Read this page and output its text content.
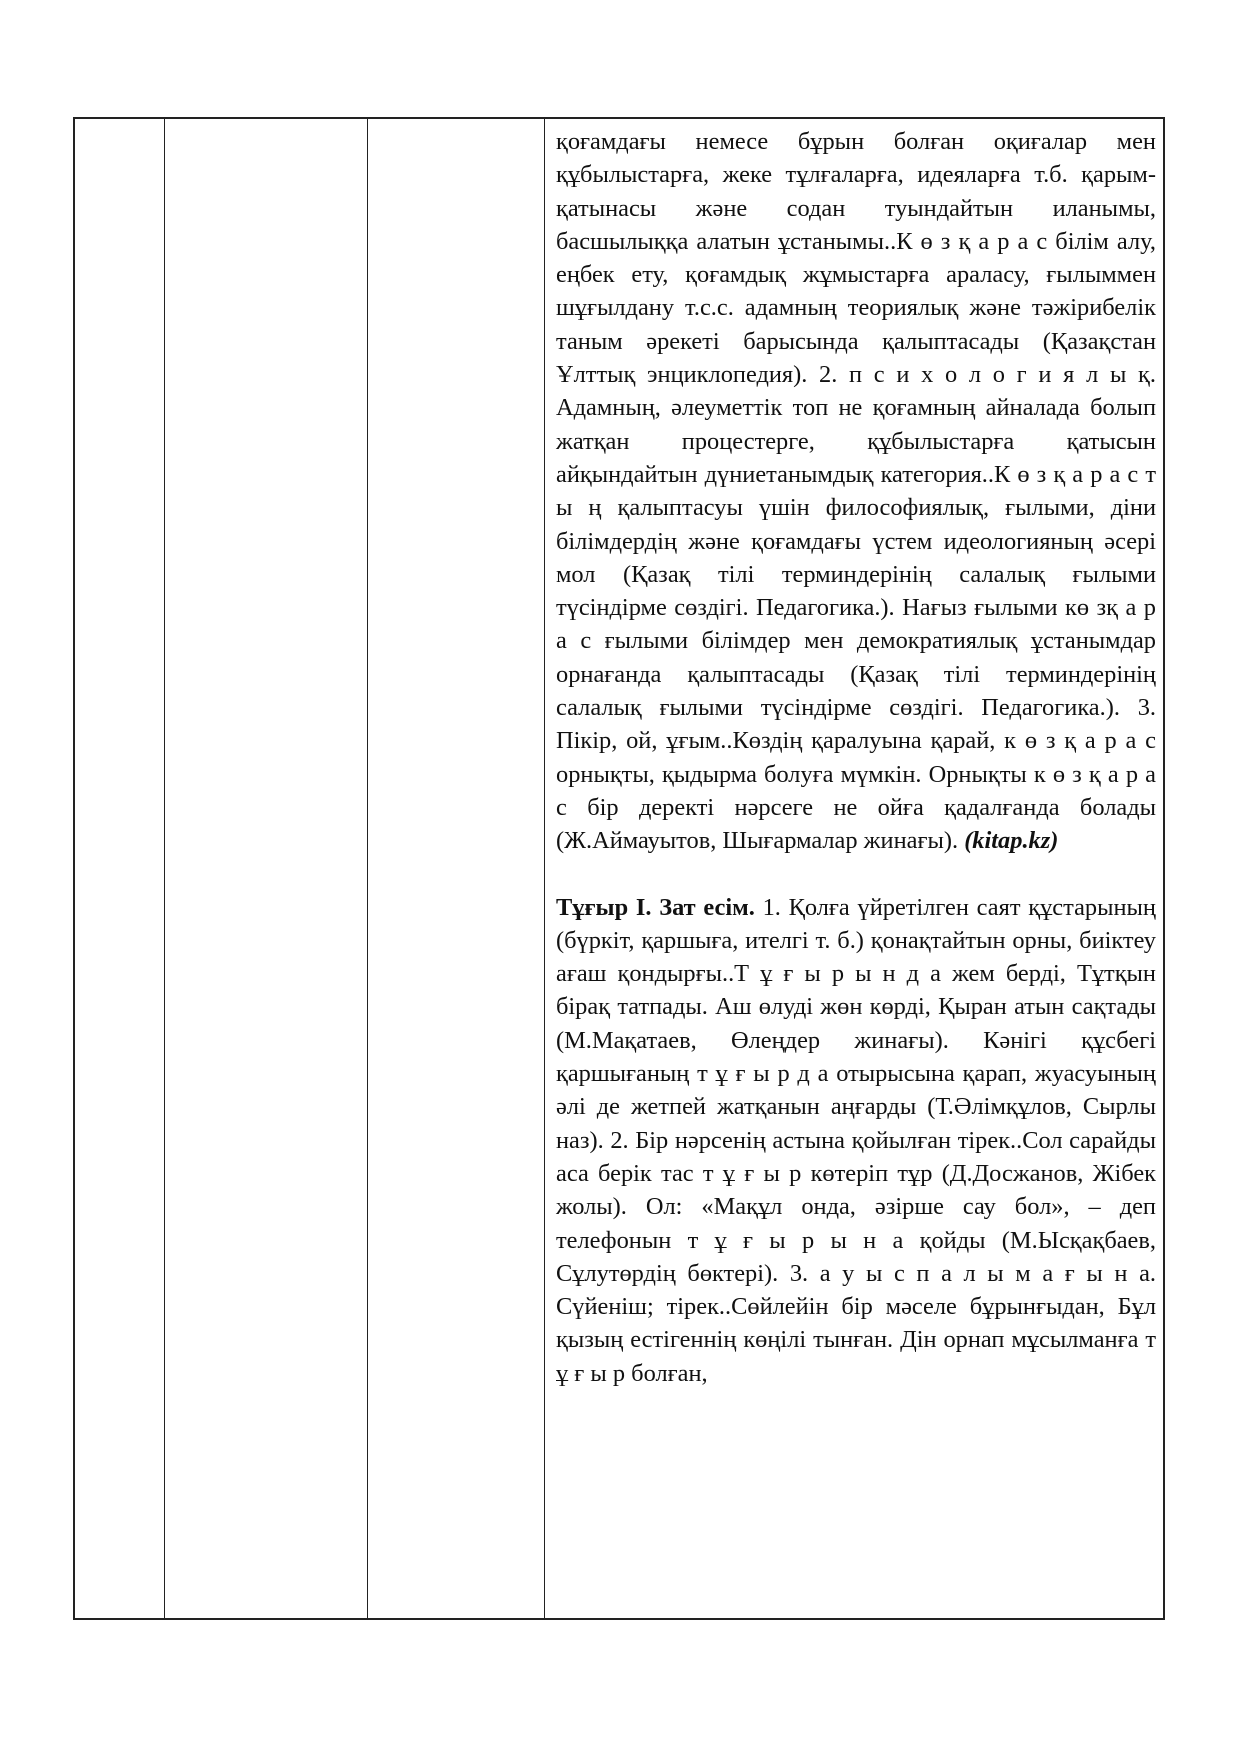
қоғамдағы немесе бұрын болған оқиғалар мен құбылыстарға, жеке тұлғаларға, идеяларға т.б. қарым-қатынасы және содан туындайтын иланымы, басшылыққа алатын ұстанымы..К ө з қ а р а с білім алу, еңбек ету, қоғамдық жұмыстарға араласу, ғылыммен шұғылдану т.с.с. адамның теориялық және тәжірибелік таным әрекеті барысында қалыптасады (Қазақстан Ұлттық энциклопедия). 2. п с и х о л о г и я л ы қ. Адамның, әлеуметтік топ не қоғамның айналада болып жатқан процестерге, құбылыстарға қатысын айқындайтын дүниетанымдық категория..К ө з қ а р а с т ы ң қалыптасуы үшін философиялық, ғылыми, діни білімдердің және қоғамдағы үстем идеологияның әсері мол (Қазақ тілі терминдерінің салалық ғылыми түсіндірме сөздігі. Педагогика.). Нағыз ғылыми кө зқ а р а с ғылыми білімдер мен демократиялық ұстанымдар орнағанда қалыптасады (Қазақ тілі терминдерінің салалық ғылыми түсіндірме сөздігі. Педагогика.). 3. Пікір, ой, ұғым..Көздің қаралуына қарай, к ө з қ а р а с орнықты, қыдырма болуға мүмкін. Орнықты к ө з қ а р а с бір деректі нәрсеге не ойға қадалғанда болады (Ж.Аймауытов, Шығармалар жинағы). (kitap.kz)

Тұғыр І. Зат есім. 1. Қолға үйретілген саят құстарының (бүркіт, қаршыға, ителгі т. б.) қонақтайтын орны, биіктеу ағаш қондырғы..Т ұ ғ ы р ы н д а жем берді, Тұтқын бірақ татпады. Аш өлуді жөн көрді, Қыран атын сақтады (М.Мақатаев, Өлеңдер жинағы). Кәнігі құсбегі қаршығаның т ұ ғ ы р д а отырысына қарап, жуасуының әлі де жетпей жатқанын аңғарды (Т.Әлімқұлов, Сырлы наз). 2. Бір нәрсенің астына қойылған тірек..Сол сарайды аса берік тас т ұ ғ ы р көтеріп тұр (Д.Досжанов, Жібек жолы). Ол: «Мақұл онда, әзірше сау бол», – деп телефонын т ұ ғ ы р ы н а қойды (М.Ысқақбаев, Сұлутөрдің бөктері). 3. а у ы с п а л ы м а ғ ы н а. Сүйеніш; тірек..Сөйлейін бір мәселе бұрынғыдан, Бұл қызың естігеннің көңілі тынған. Дін орнап мұсылманға т ұ ғ ы р болған,
